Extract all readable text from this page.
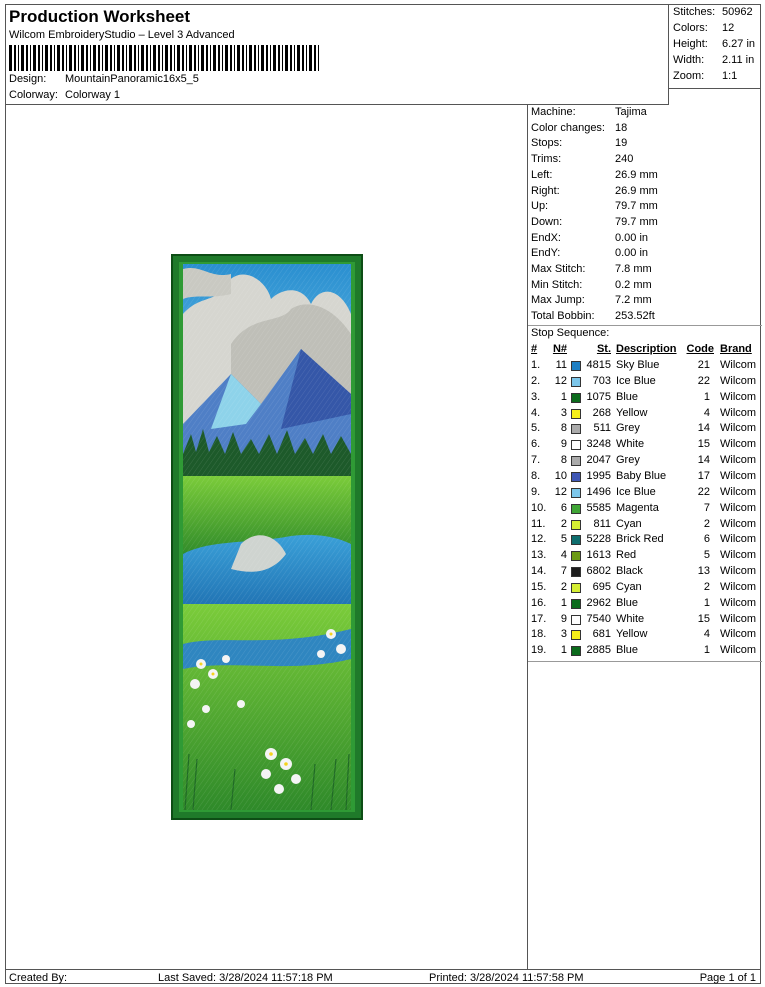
Production Worksheet
Wilcom EmbroideryStudio – Level 3 Advanced
Design: MountainPanoramic16x5_5
Colorway: Colorway 1
Stitches: 50962
Colors: 12
Height: 6.27 in
Width: 2.11 in
Zoom: 1:1
Machine:	Tajima
Color changes: 18
Stops:	19
Trims:	240
Left:	26.9 mm
Right:	26.9 mm
Up:	79.7 mm
Down:	79.7 mm
EndX:	0.00 in
EndY:	0.00 in
Max Stitch:	7.8 mm
Min Stitch:	0.2 mm
Max Jump:	7.2 mm
Total Bobbin: 253.52ft
Stop Sequence:
# N#	St. Description Code Brand
1. 11 4815 Sky Blue	21 Wilcom
2. 12	703 Ice Blue	22 Wilcom
3.	1 1075 Blue	1 Wilcom
4.	3	268 Yellow	4 Wilcom
5.	8	511 Grey	14 Wilcom
6.	9 3248 White	15 Wilcom
7.	8 2047 Grey	14 Wilcom
8. 10 1995 Baby Blue	17 Wilcom
9. 12 1496 Ice Blue	22 Wilcom
10.	6 5585 Magenta	7 Wilcom
11.	2	811 Cyan	2 Wilcom
12.	5 5228 Brick Red	6 Wilcom
13.	4 1613 Red	5 Wilcom
14.	7 6802 Black	13 Wilcom
15.	2	695 Cyan	2 Wilcom
16.	1 2962 Blue	1 Wilcom
17.	9 7540 White	15 Wilcom
18.	3	681 Yellow	4 Wilcom
19.	1 2885 Blue	1 Wilcom
Created By:	Last Saved: 3/28/2024 11:57:18 PM	Printed: 3/28/2024 11:57:58 PM	Page 1 of 1
